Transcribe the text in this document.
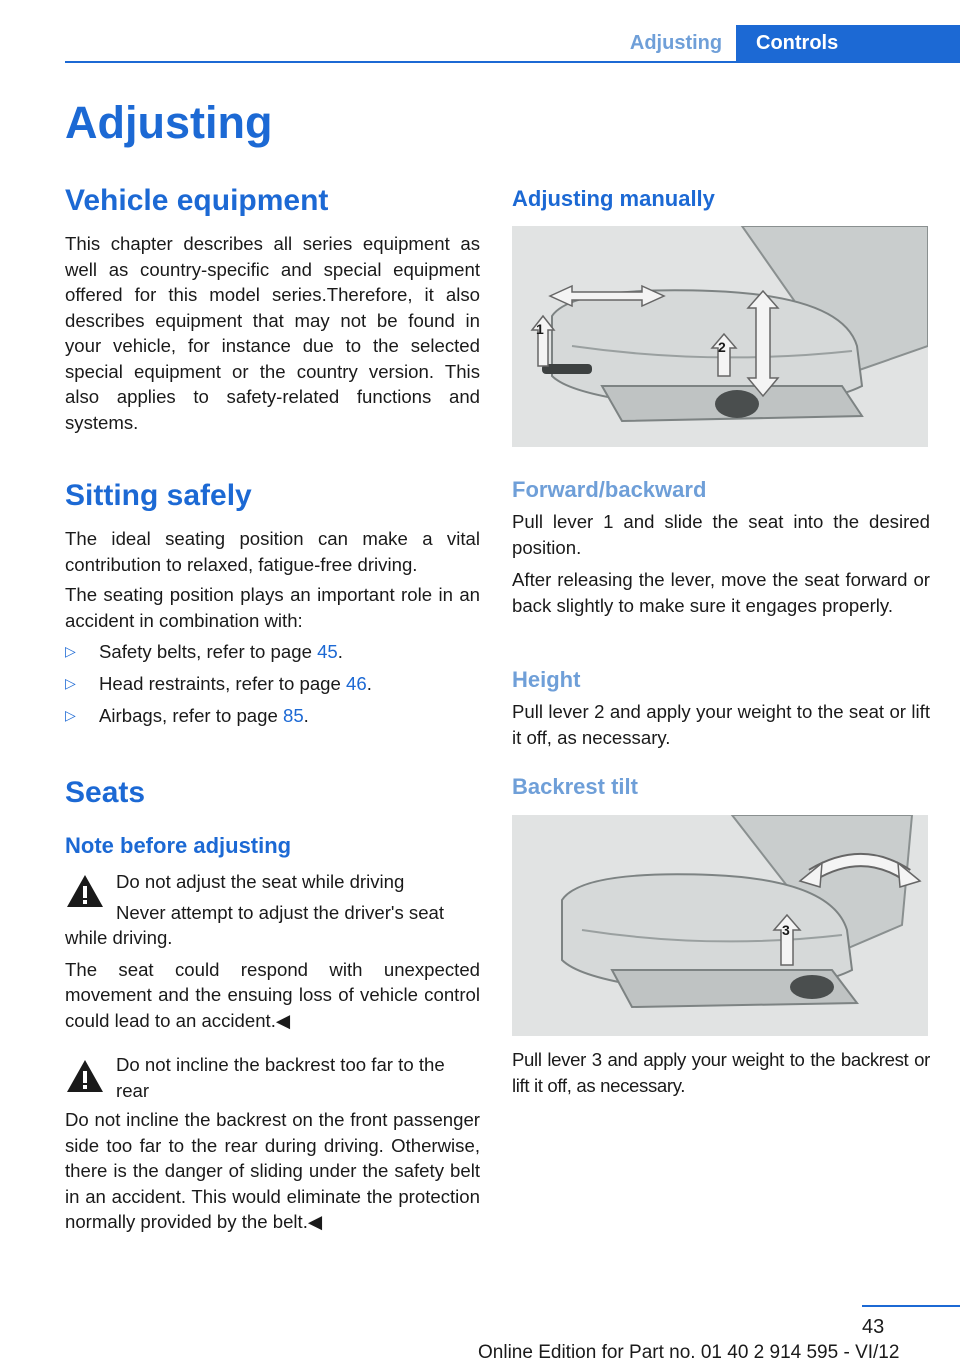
Adjusting	Controls
Adjusting
Vehicle equipment

This chapter describes all series equipment as well as country-specific and special equipment offered for this model series.Therefore, it also describes equipment that may not be found in your vehicle, for instance due to the selected special equipment or the country version. This also applies to safety-related functions and systems.

Sitting safely

The ideal seating position can make a vital contribution to relaxed, fatigue-free driving.

The seating position plays an important role in an accident in combination with:

▷	Safety belts, refer to page 45.
▷	Head restraints, refer to page 46.
▷	Airbags, refer to page 85.
Seats
Note before adjusting
Do not adjust the seat while driving
Never attempt to adjust the driver's seat
while driving.

The seat could respond with unexpected movement and the ensuing loss of vehicle control could lead to an accident.◀

Do not incline the backrest too far to the rear

Do not incline the backrest on the front passenger side too far to the rear during driving. Otherwise, there is the danger of sliding under the safety belt in an accident. This would eliminate the protection normally provided by the belt.◀

Adjusting manually
1
2
Forward/backward

Pull lever 1 and slide the seat into the desired position.

After releasing the lever, move the seat forward or back slightly to make sure it engages properly.

Height

Pull lever 2 and apply your weight to the seat or lift it off, as necessary.

Backrest tilt
3

Pull lever 3 and apply your weight to the backrest or lift it off, as necessary.

43
Online Edition for Part no. 01 40 2 914 595 - VI/12
